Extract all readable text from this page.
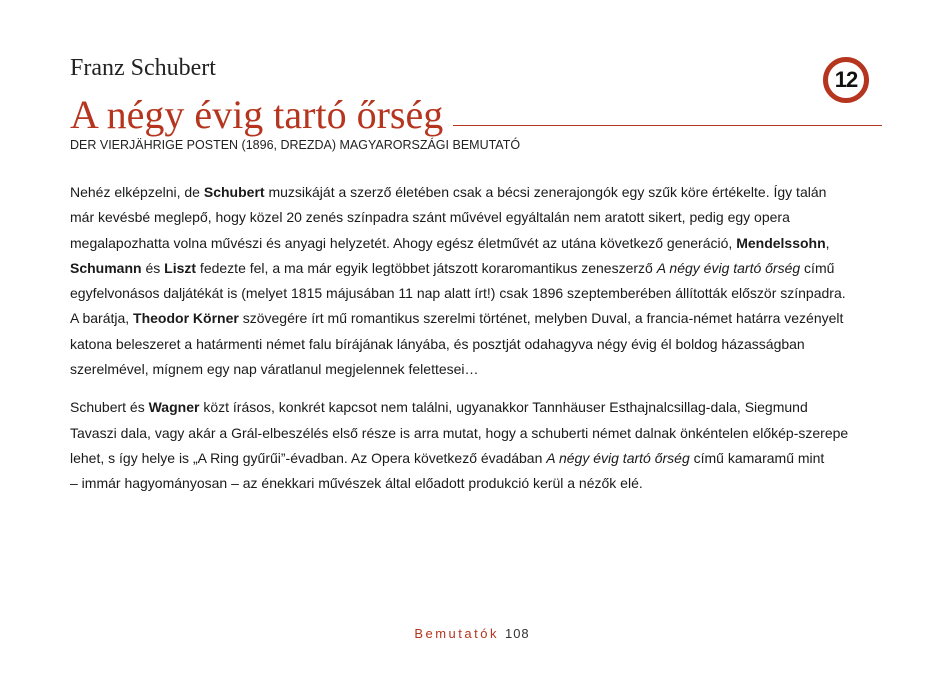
Franz Schubert	12
A négy évig tartó őrség
DER VIERJÄHRIGE POSTEN (1896, DREZDA) MAGYARORSZÁGI BEMUTATÓ
Nehéz elképzelni, de Schubert muzsikáját a szerző életében csak a bécsi zenerajongók egy szűk köre értékelte. Így talán
már kevésbé meglepő, hogy közel 20 zenés színpadra szánt művével egyáltalán nem aratott sikert, pedig egy opera
megalapozhatta volna művészi és anyagi helyzetét. Ahogy egész életművét az utána következő generáció, Mendelssohn,
Schumann és Liszt fedezte fel, a ma már egyik legtöbbet játszott koraromantikus zeneszerző A négy évig tartó őrség című
egyfelvonásos daljátékát is (melyet 1815 májusában 11 nap alatt írt!) csak 1896 szeptemberében állították először színpadra.
A barátja, Theodor Körner szövegére írt mű romantikus szerelmi történet, melyben Duval, a francia-német határra vezényelt
katona beleszeret a határmenti német falu bírájának lányába, és posztját odahagyva négy évig él boldog házasságban
szerelmével, mígnem egy nap váratlanul megjelennek felettesei…
Schubert és Wagner közt írásos, konkrét kapcsot nem találni, ugyanakkor Tannhäuser Esthajnalcsillag-dala, Siegmund
Tavaszi dala, vagy akár a Grál-elbeszélés első része is arra mutat, hogy a schuberti német dalnak önkéntelen előkép-szerepe
lehet, s így helye is „A Ring gyűrűi”-évadban. Az Opera következő évadában A négy évig tartó őrség című kamaramű mint
– immár hagyományosan – az énekkari művészek által előadott produkció kerül a nézők elé.
Bemutatók 108
